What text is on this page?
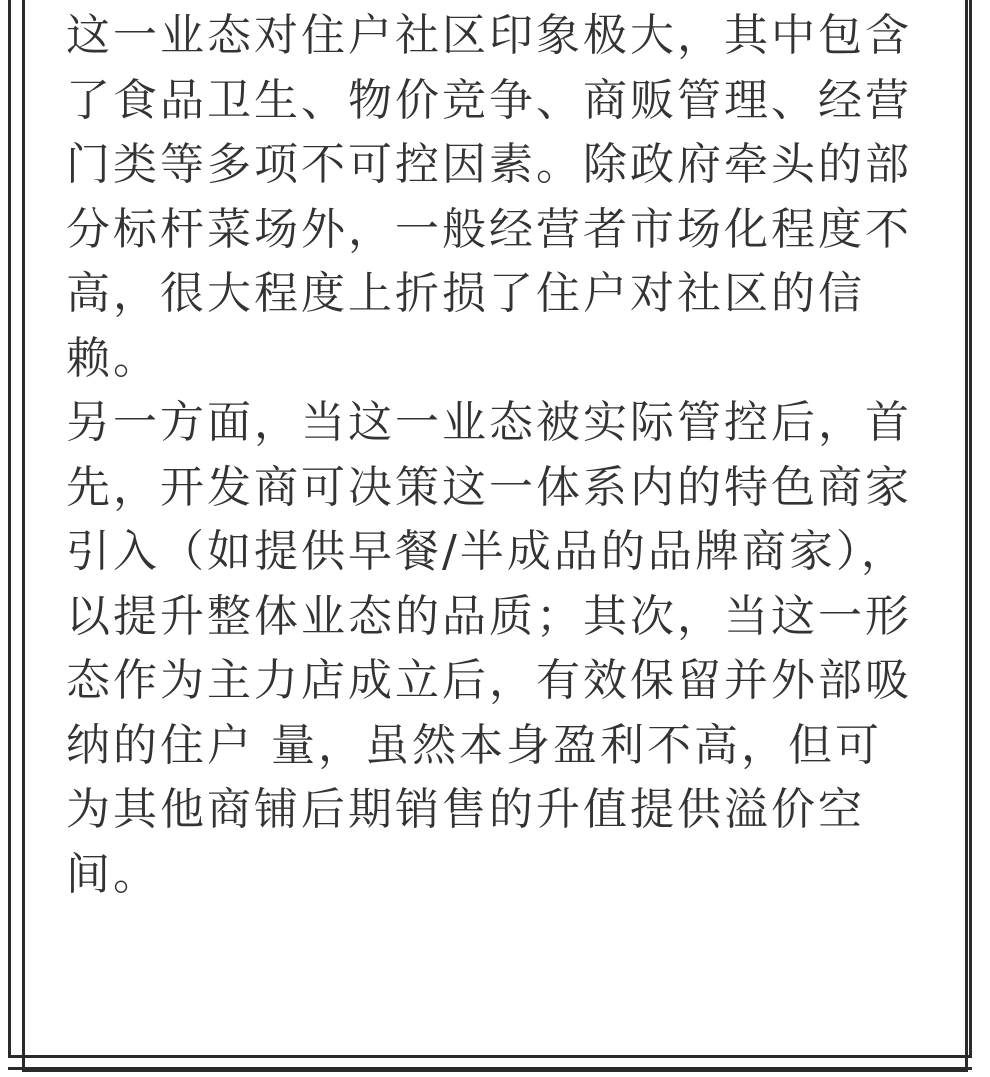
这一业态对住户社区印象极大，其中包含
了食品卫生、物价竞争、商贩管理、经营
门类等多项不可控因素。除政府牵头的部
分标杆菜场外，一般经营者市场化程度不
高，很大程度上折损了住户对社区的信
赖。
另一方面，当这一业态被实际管控后，首
先，开发商可决策这一体系内的特色商家
引入（如提供早餐/半成品的品牌商家），
以提升整体业态的品质；其次，当这一形
态作为主力店成立后，有效保留并外部吸
纳的住户 量，虽然本身盈利不高，但可
为其他商铺后期销售的升值提供溢价空
间。
